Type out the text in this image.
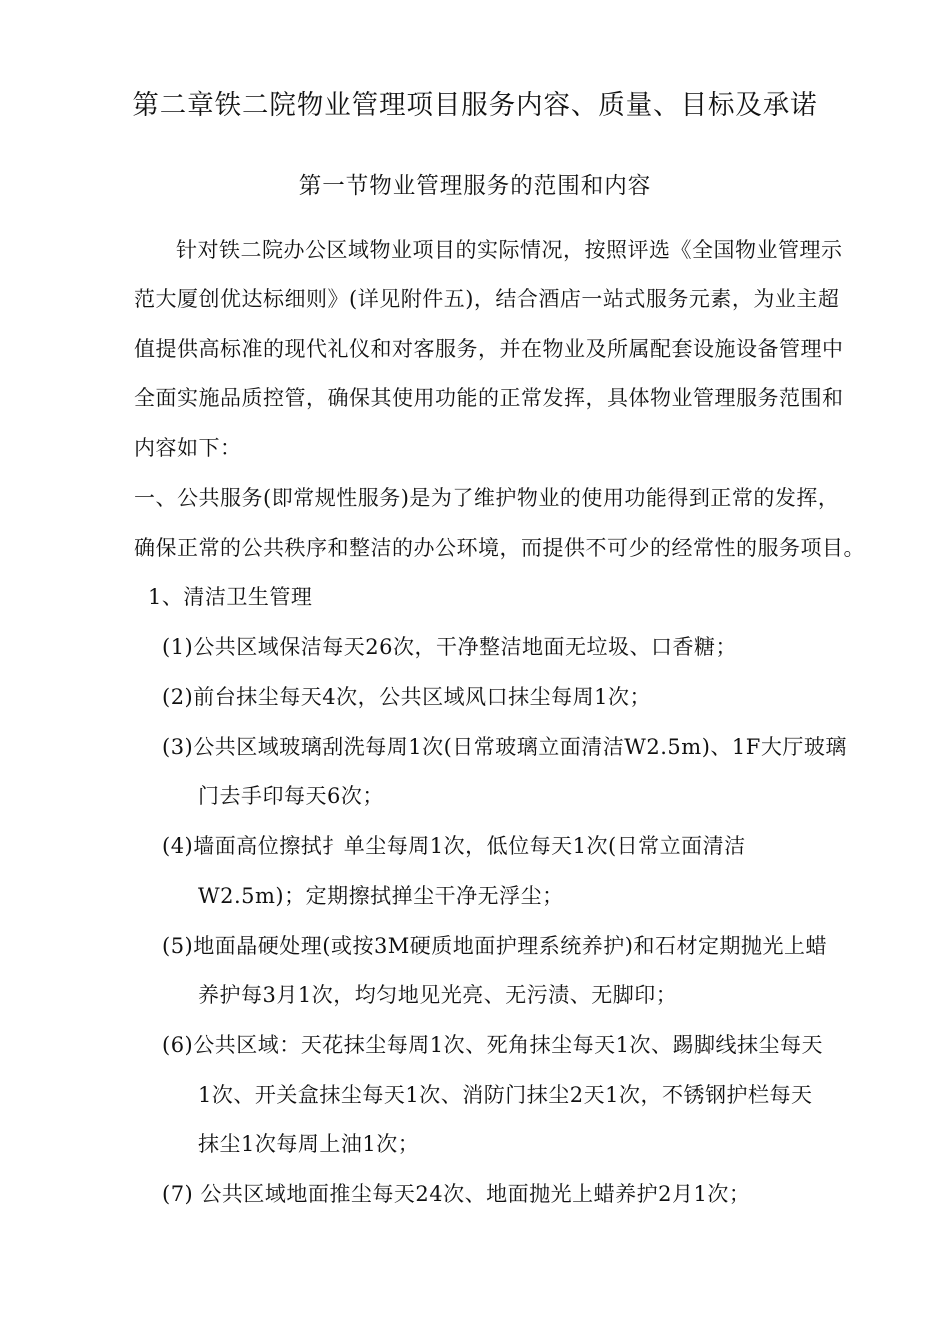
第二章铁二院物业管理项目服务内容、质量、目标及承诺
第一节物业管理服务的范围和内容
针对铁二院办公区域物业项目的实际情况，按照评选《全国物业管理示
范大厦创优达标细则》(详见附件五)，结合酒店一站式服务元素，为业主超
值提供高标准的现代礼仪和对客服务，并在物业及所属配套设施设备管理中
全面实施品质控管，确保其使用功能的正常发挥，具体物业管理服务范围和
内容如下：
一、公共服务(即常规性服务)是为了维护物业的使用功能得到正常的发挥，
确保正常的公共秩序和整洁的办公环境，而提供不可少的经常性的服务项目。
1、清洁卫生管理
(1)公共区域保洁每天26次，干净整洁地面无垃圾、口香糖；
(2)前台抹尘每天4次，公共区域风口抹尘每周1次；
(3)公共区域玻璃刮洗每周1次(日常玻璃立面清洁W2.5m)、1F大厅玻璃
门去手印每天6次；
(4)墙面高位擦拭扌单尘每周1次，低位每天1次(日常立面清洁
W2.5m)；定期擦拭掸尘干净无浮尘；
(5)地面晶硬处理(或按3M硬质地面护理系统养护)和石材定期抛光上蜡
养护每3月1次，均匀地见光亮、无污渍、无脚印；
(6)公共区域：天花抹尘每周1次、死角抹尘每天1次、踢脚线抹尘每天
1次、开关盒抹尘每天1次、消防门抹尘2天1次，不锈钢护栏每天
抹尘1次每周上油1次；
(7) 公共区域地面推尘每天24次、地面抛光上蜡养护2月1次；
